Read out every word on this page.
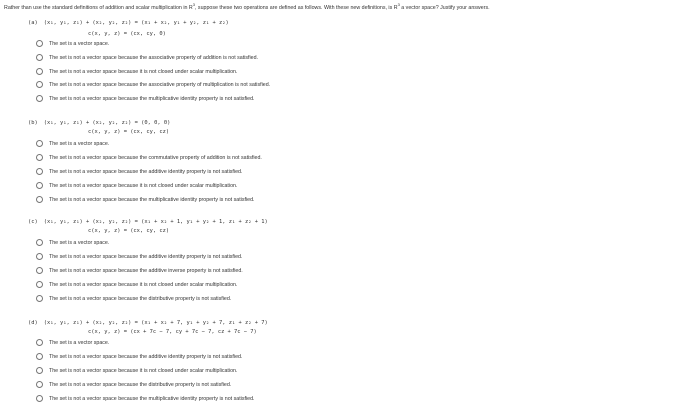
Rather than use the standard definitions of addition and scalar multiplication in $R^3$, suppose these two operations are defined as follows. With these new definitions, is $R^3$ a vector space? Justify your answers.
(a) (x₁, y₁, z₁) + (x₂, y₂, z₂) = (x₁ + x₂, y₁ + y₂, z₁ + z₂)
c(x, y, z) = (cx, cy, 0)
The set is a vector space.
The set is not a vector space because the associative property of addition is not satisfied.
The set is not a vector space because it is not closed under scalar multiplication.
The set is not a vector space because the associative property of multiplication is not satisfied.
The set is not a vector space because the multiplicative identity property is not satisfied.
(b) (x₁, y₁, z₁) + (x₂, y₂, z₂) = (0, 0, 0)
c(x, y, z) = (cx, cy, cz)
The set is a vector space.
The set is not a vector space because the commutative property of addition is not satisfied.
The set is not a vector space because the additive identity property is not satisfied.
The set is not a vector space because it is not closed under scalar multiplication.
The set is not a vector space because the multiplicative identity property is not satisfied.
(c) (x₁, y₁, z₁) + (x₂, y₂, z₂) = (x₁ + x₂ + 1, y₁ + y₂ + 1, z₁ + z₂ + 1)
c(x, y, z) = (cx, cy, cz)
The set is a vector space.
The set is not a vector space because the additive identity property is not satisfied.
The set is not a vector space because the additive inverse property is not satisfied.
The set is not a vector space because it is not closed under scalar multiplication.
The set is not a vector space because the distributive property is not satisfied.
(d) (x₁, y₁, z₁) + (x₂, y₂, z₂) = (x₁ + x₂ + 7, y₁ + y₂ + 7, z₁ + z₂ + 7)
c(x, y, z) = (cx + 7c − 7, cy + 7c − 7, cz + 7c − 7)
The set is a vector space.
The set is not a vector space because the additive identity property is not satisfied.
The set is not a vector space because it is not closed under scalar multiplication.
The set is not a vector space because the distributive property is not satisfied.
The set is not a vector space because the multiplicative identity property is not satisfied.
